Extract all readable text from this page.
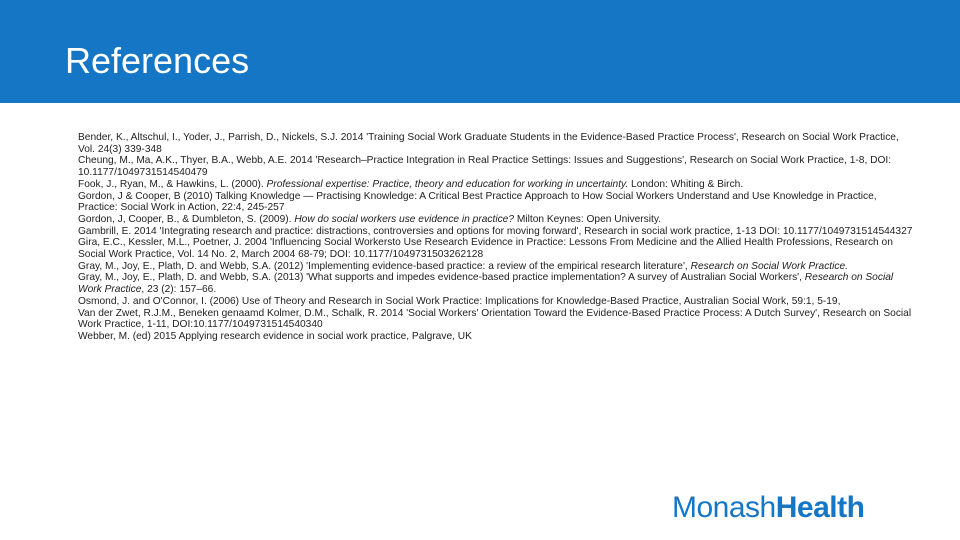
References

Bender, K., Altschul, I., Yoder, J., Parrish, D., Nickels, S.J. 2014 'Training Social Work Graduate Students in the Evidence-Based Practice Process', Research on Social Work Practice, Vol. 24(3) 339-348

Cheung, M., Ma, A.K., Thyer, B.A., Webb, A.E. 2014 'Research–Practice Integration in Real Practice Settings: Issues and Suggestions', Research on Social Work Practice, 1-8, DOI: 10.1177/1049731514540479

Fook, J., Ryan, M., & Hawkins, L. (2000). Professional expertise: Practice, theory and education for working in uncertainty. London: Whiting & Birch.

Gordon, J & Cooper, B (2010) Talking Knowledge — Practising Knowledge: A Critical Best Practice Approach to How Social Workers Understand and Use Knowledge in Practice, Practice: Social Work in Action, 22:4, 245-257

Gordon, J, Cooper, B., & Dumbleton, S. (2009). How do social workers use evidence in practice? Milton Keynes: Open University.

Gambrill, E. 2014 'Integrating research and practice: distractions, controversies and options for moving forward', Research in social work practice, 1-13 DOI: 10.1177/1049731514544327

Gira, E.C., Kessler, M.L., Poetner, J. 2004 'Influencing Social Workersto Use Research Evidence in Practice: Lessons From Medicine and the Allied Health Professions, Research on Social Work Practice, Vol. 14 No. 2, March 2004 68-79; DOI: 10.1177/1049731503262128

Gray, M., Joy, E., Plath, D. and Webb, S.A. (2012) 'Implementing evidence-based practice: a review of the empirical research literature', Research on Social Work Practice.

Gray, M., Joy, E., Plath, D. and Webb, S.A. (2013) 'What supports and impedes evidence-based practice implementation? A survey of Australian Social Workers', Research on Social Work Practice, 23 (2): 157–66.

Osmond, J. and O'Connor, I. (2006) Use of Theory and Research in Social Work Practice: Implications for Knowledge-Based Practice, Australian Social Work, 59:1, 5-19,

Van der Zwet, R.J.M., Beneken genaamd Kolmer, D.M., Schalk, R. 2014 'Social Workers' Orientation Toward the Evidence-Based Practice Process: A Dutch Survey', Research on Social Work Practice, 1-11, DOI:10.1177/1049731514540340

Webber, M. (ed) 2015 Applying research evidence in social work practice, Palgrave, UK

MonashHealth
